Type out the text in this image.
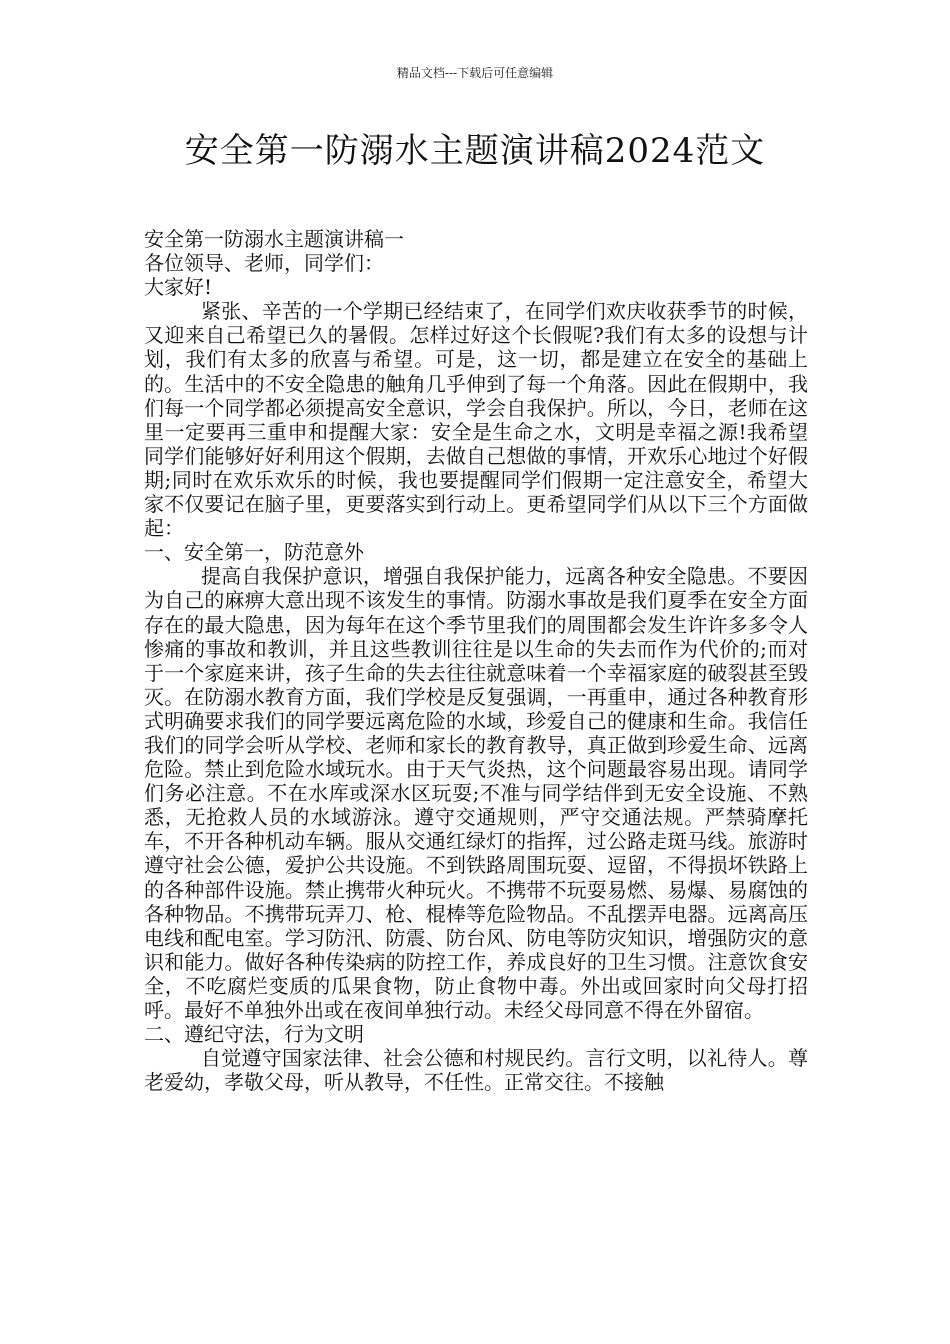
精品文档---下载后可任意编辑
安全第一防溺水主题演讲稿2024范文

安全第一防溺水主题演讲稿一

各位领导、老师，同学们：

大家好!

紧张、辛苦的一个学期已经结束了，在同学们欢庆收获季节的时候，又迎来自己希望已久的暑假。怎样过好这个长假呢?我们有太多的设想与计划，我们有太多的欣喜与希望。可是，这一切，都是建立在安全的基础上的。生活中的不安全隐患的触角几乎伸到了每一个角落。因此在假期中，我们每一个同学都必须提高安全意识，学会自我保护。所以，今日，老师在这里一定要再三重申和提醒大家：安全是生命之水，文明是幸福之源!我希望同学们能够好好利用这个假期，去做自己想做的事情，开欢乐心地过个好假期;同时在欢乐欢乐的时候，我也要提醒同学们假期一定注意安全，希望大家不仅要记在脑子里，更要落实到行动上。更希望同学们从以下三个方面做起：

一、安全第一，防范意外

提高自我保护意识，增强自我保护能力，远离各种安全隐患。不要因为自己的麻痹大意出现不该发生的事情。防溺水事故是我们夏季在安全方面存在的最大隐患，因为每年在这个季节里我们的周围都会发生许许多多令人惨痛的事故和教训，并且这些教训往往是以生命的失去而作为代价的;而对于一个家庭来讲，孩子生命的失去往往就意味着一个幸福家庭的破裂甚至毁灭。在防溺水教育方面，我们学校是反复强调，一再重申，通过各种教育形式明确要求我们的同学要远离危险的水域，珍爱自己的健康和生命。我信任我们的同学会听从学校、老师和家长的教育教导，真正做到珍爱生命、远离危险。禁止到危险水域玩水。由于天气炎热，这个问题最容易出现。请同学们务必注意。不在水库或深水区玩耍;不准与同学结伴到无安全设施、不熟悉，无抢救人员的水域游泳。遵守交通规则，严守交通法规。严禁骑摩托车，不开各种机动车辆。服从交通红绿灯的指挥，过公路走斑马线。旅游时遵守社会公德，爱护公共设施。不到铁路周围玩耍、逗留，不得损坏铁路上的各种部件设施。禁止携带火种玩火。不携带不玩耍易燃、易爆、易腐蚀的各种物品。不携带玩弄刀、枪、棍棒等危险物品。不乱摆弄电器。远离高压电线和配电室。学习防汛、防震、防台风、防电等防灾知识，增强防灾的意识和能力。做好各种传染病的防控工作，养成良好的卫生习惯。注意饮食安全，不吃腐烂变质的瓜果食物，防止食物中毒。外出或回家时向父母打招呼。最好不单独外出或在夜间单独行动。未经父母同意不得在外留宿。

二、遵纪守法，行为文明

自觉遵守国家法律、社会公德和村规民约。言行文明，以礼待人。尊老爱幼，孝敬父母，听从教导，不任性。正常交往。不接触
